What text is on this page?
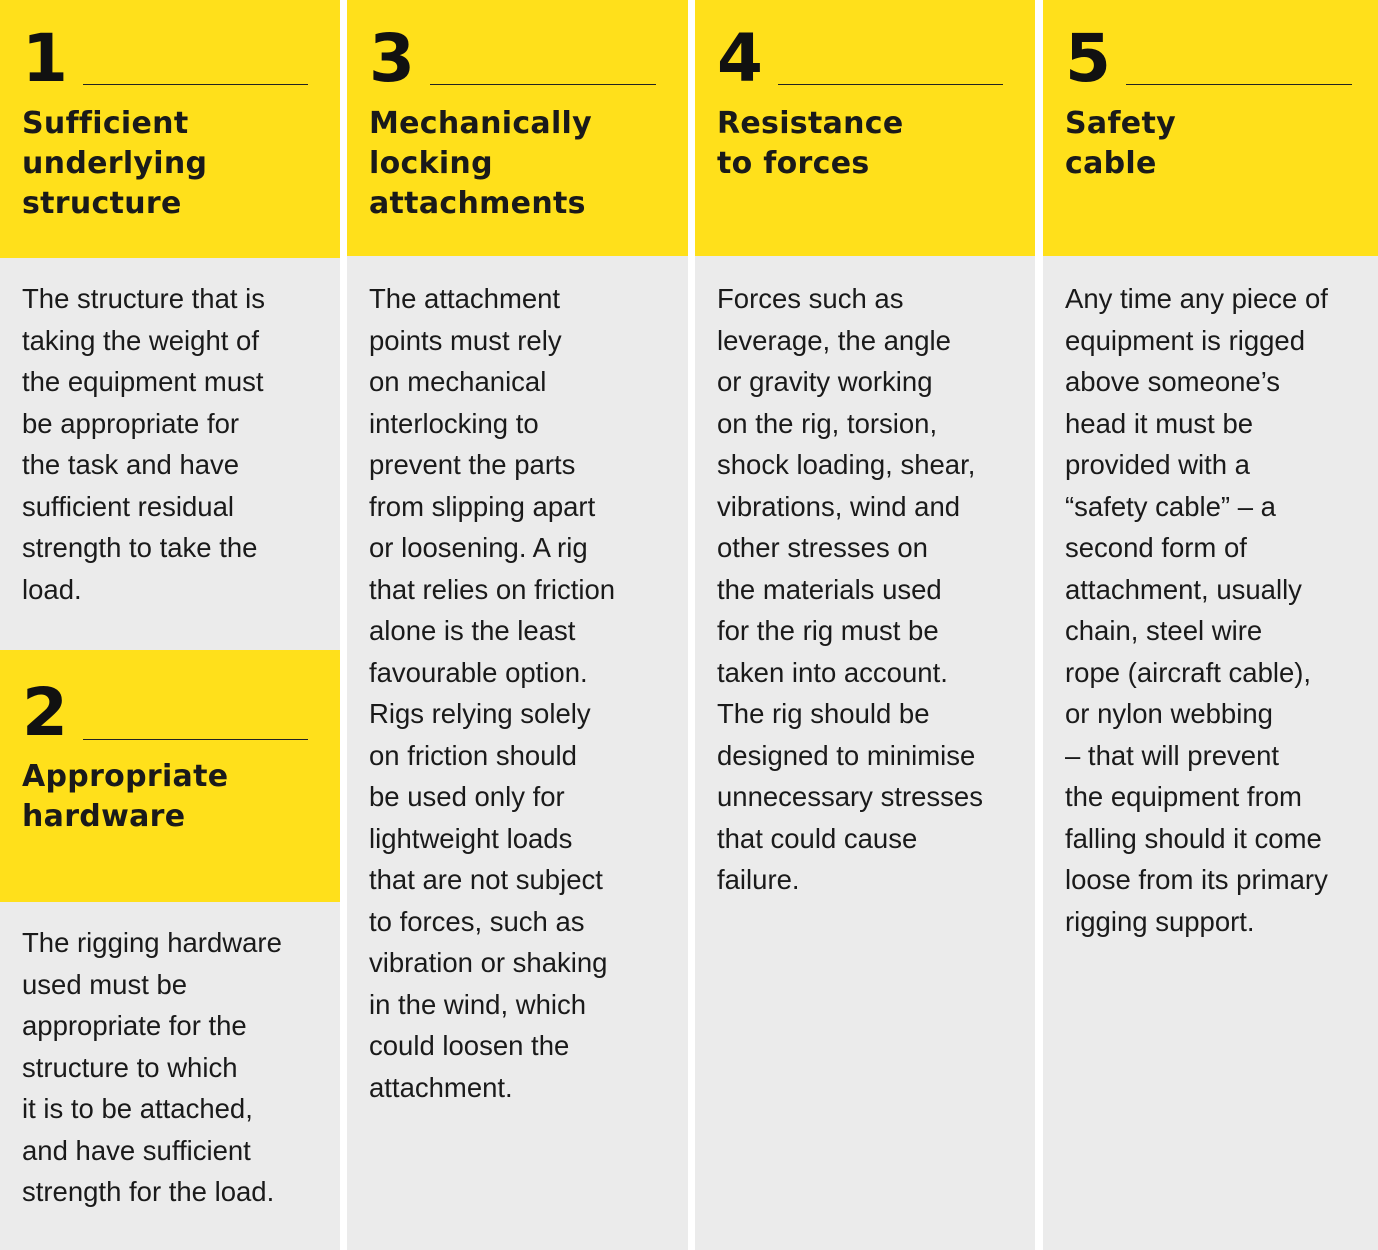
1
Sufficient
underlying
structure
The structure that is
taking the weight of
the equipment must
be appropriate for
the task and have
sufficient residual
strength to take the
load.
2
Appropriate
hardware
The rigging hardware
used must be
appropriate for the
structure to which
it is to be attached,
and have sufficient
strength for the load.
3
Mechanically
locking
attachments
The attachment
points must rely
on mechanical
interlocking to
prevent the parts
from slipping apart
or loosening. A rig
that relies on friction
alone is the least
favourable option.
Rigs relying solely
on friction should
be used only for
lightweight loads
that are not subject
to forces, such as
vibration or shaking
in the wind, which
could loosen the
attachment.
4
Resistance
to forces
Forces such as
leverage, the angle
or gravity working
on the rig, torsion,
shock loading, shear,
vibrations, wind and
other stresses on
the materials used
for the rig must be
taken into account.
The rig should be
designed to minimise
unnecessary stresses
that could cause
failure.
5
Safety
cable
Any time any piece of
equipment is rigged
above someone’s
head it must be
provided with a
“safety cable” – a
second form of
attachment, usually
chain, steel wire
rope (aircraft cable),
or nylon webbing
– that will prevent
the equipment from
falling should it come
loose from its primary
rigging support.
